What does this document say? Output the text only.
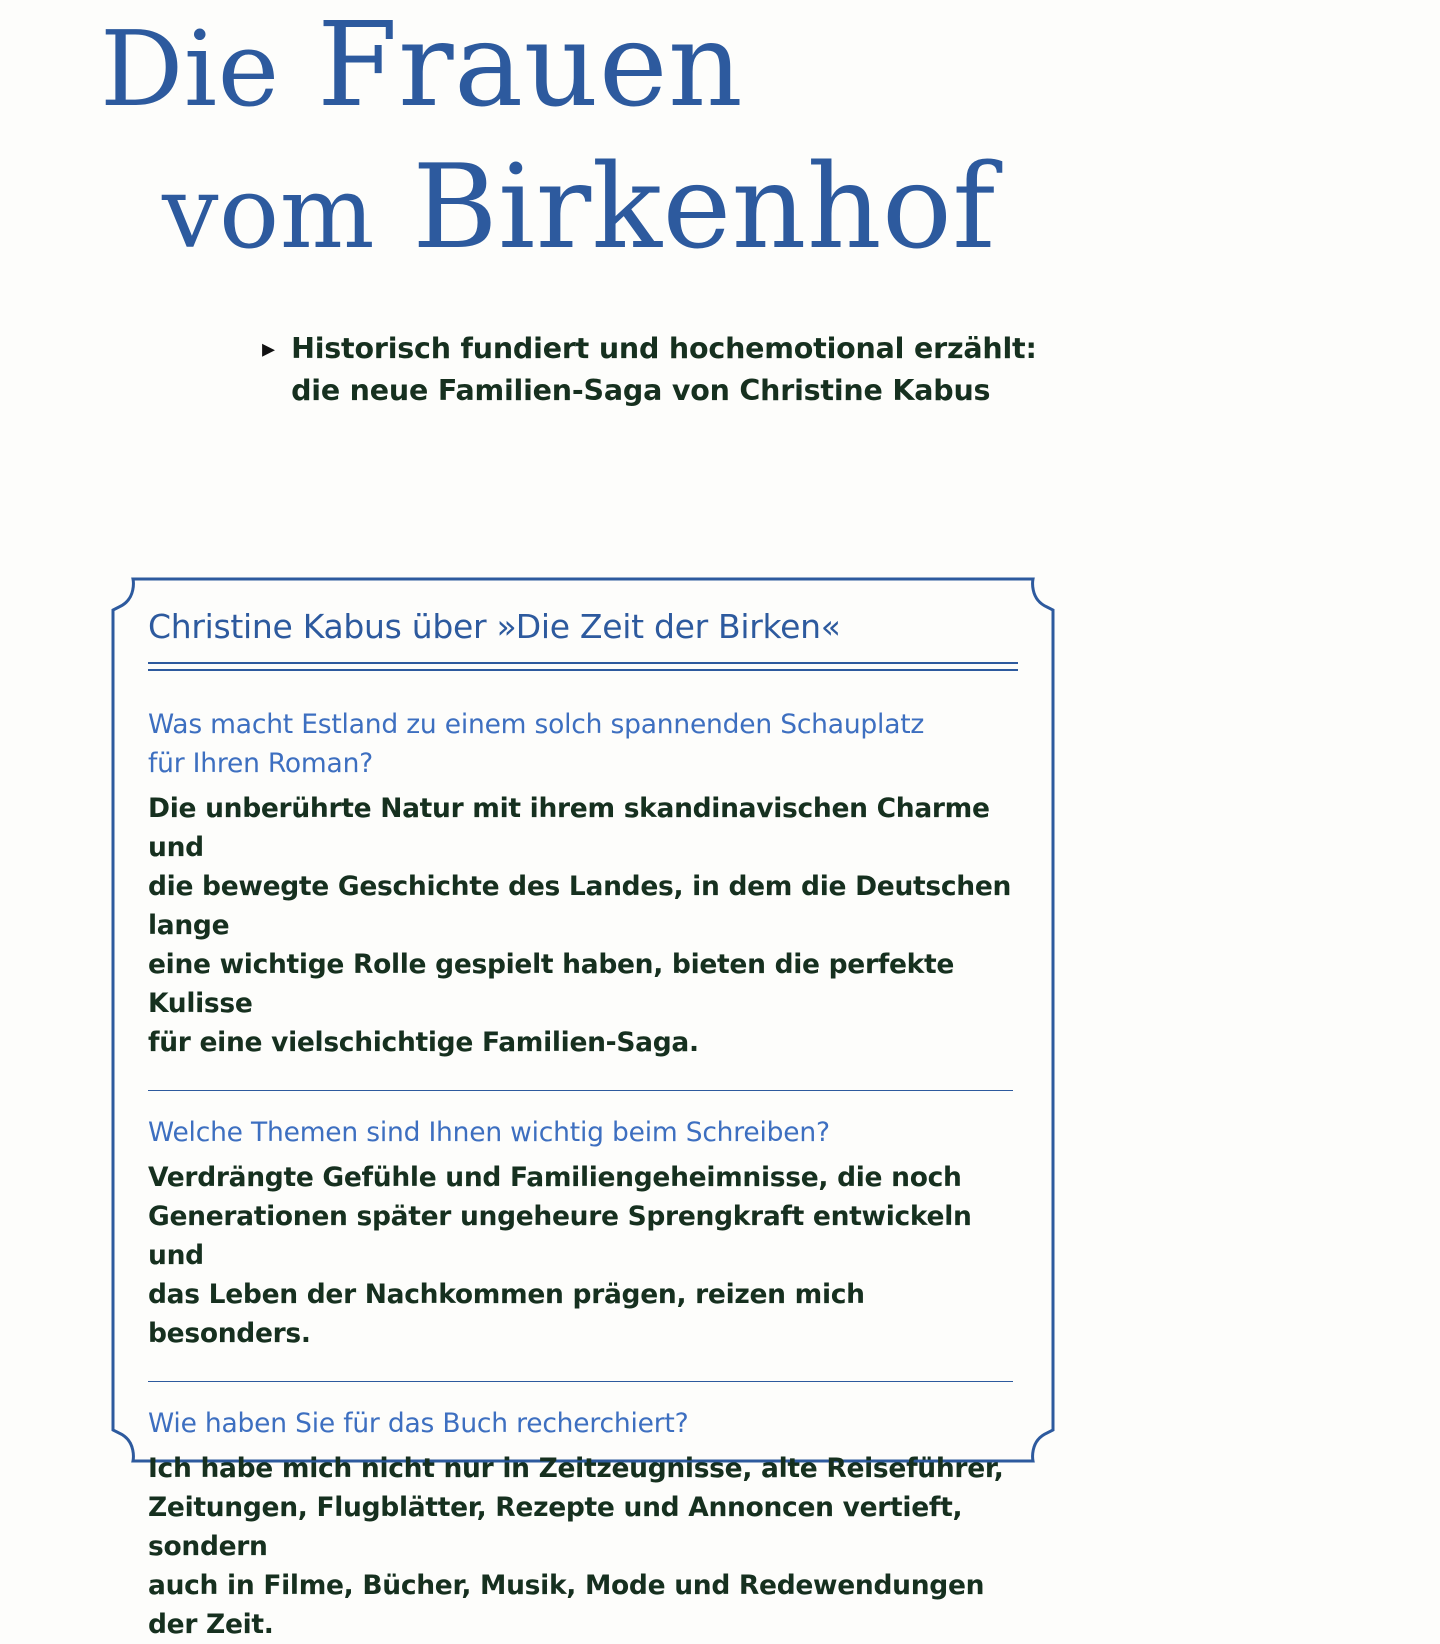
Die Frauen
vom Birkenhof
▸ Historisch fundiert und hochemotional erzählt:
die neue Familien-Saga von Christine Kabus
Christine Kabus über »Die Zeit der Birken«

Was macht Estland zu einem solch spannenden Schauplatz
für Ihren Roman?

Die unberührte Natur mit ihrem skandinavischen Charme und
die bewegte Geschichte des Landes, in dem die Deutschen lange
eine wichtige Rolle gespielt haben, bieten die perfekte Kulisse
für eine vielschichtige Familien-Saga.

Welche Themen sind Ihnen wichtig beim Schreiben?

Verdrängte Gefühle und Familiengeheimnisse, die noch
Generationen später ungeheure Sprengkraft entwickeln und
das Leben der Nachkommen prägen, reizen mich besonders.

Wie haben Sie für das Buch recherchiert?

Ich habe mich nicht nur in Zeitzeugnisse, alte Reiseführer,
Zeitungen, Flugblätter, Rezepte und Annoncen vertieft, sondern
auch in Filme, Bücher, Musik, Mode und Redewendungen der Zeit.
